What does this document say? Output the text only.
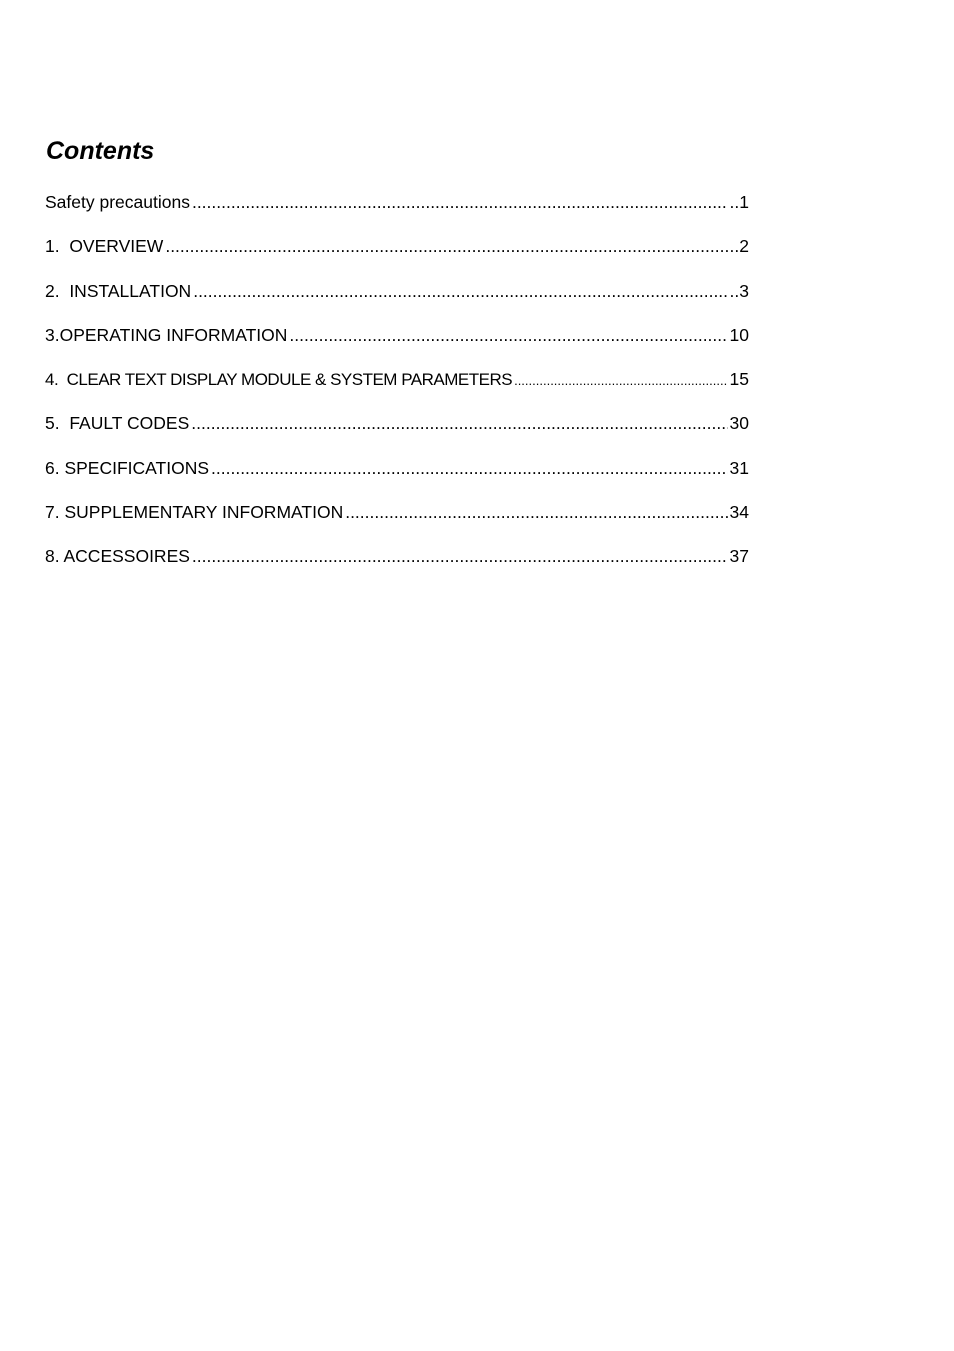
Contents
Safety precautions .....	..1
1.  OVERVIEW .....	..2
2.  INSTALLATION .....	..3
3.OPERATING INFORMATION .....	10
4.  CLEAR TEXT DISPLAY MODULE & SYSTEM PARAMETERS .....	15
5.  FAULT CODES .....	30
6. SPECIFICATIONS .....	31
7. SUPPLEMENTARY INFORMATION .....	34
8. ACCESSOIRES .....	37
